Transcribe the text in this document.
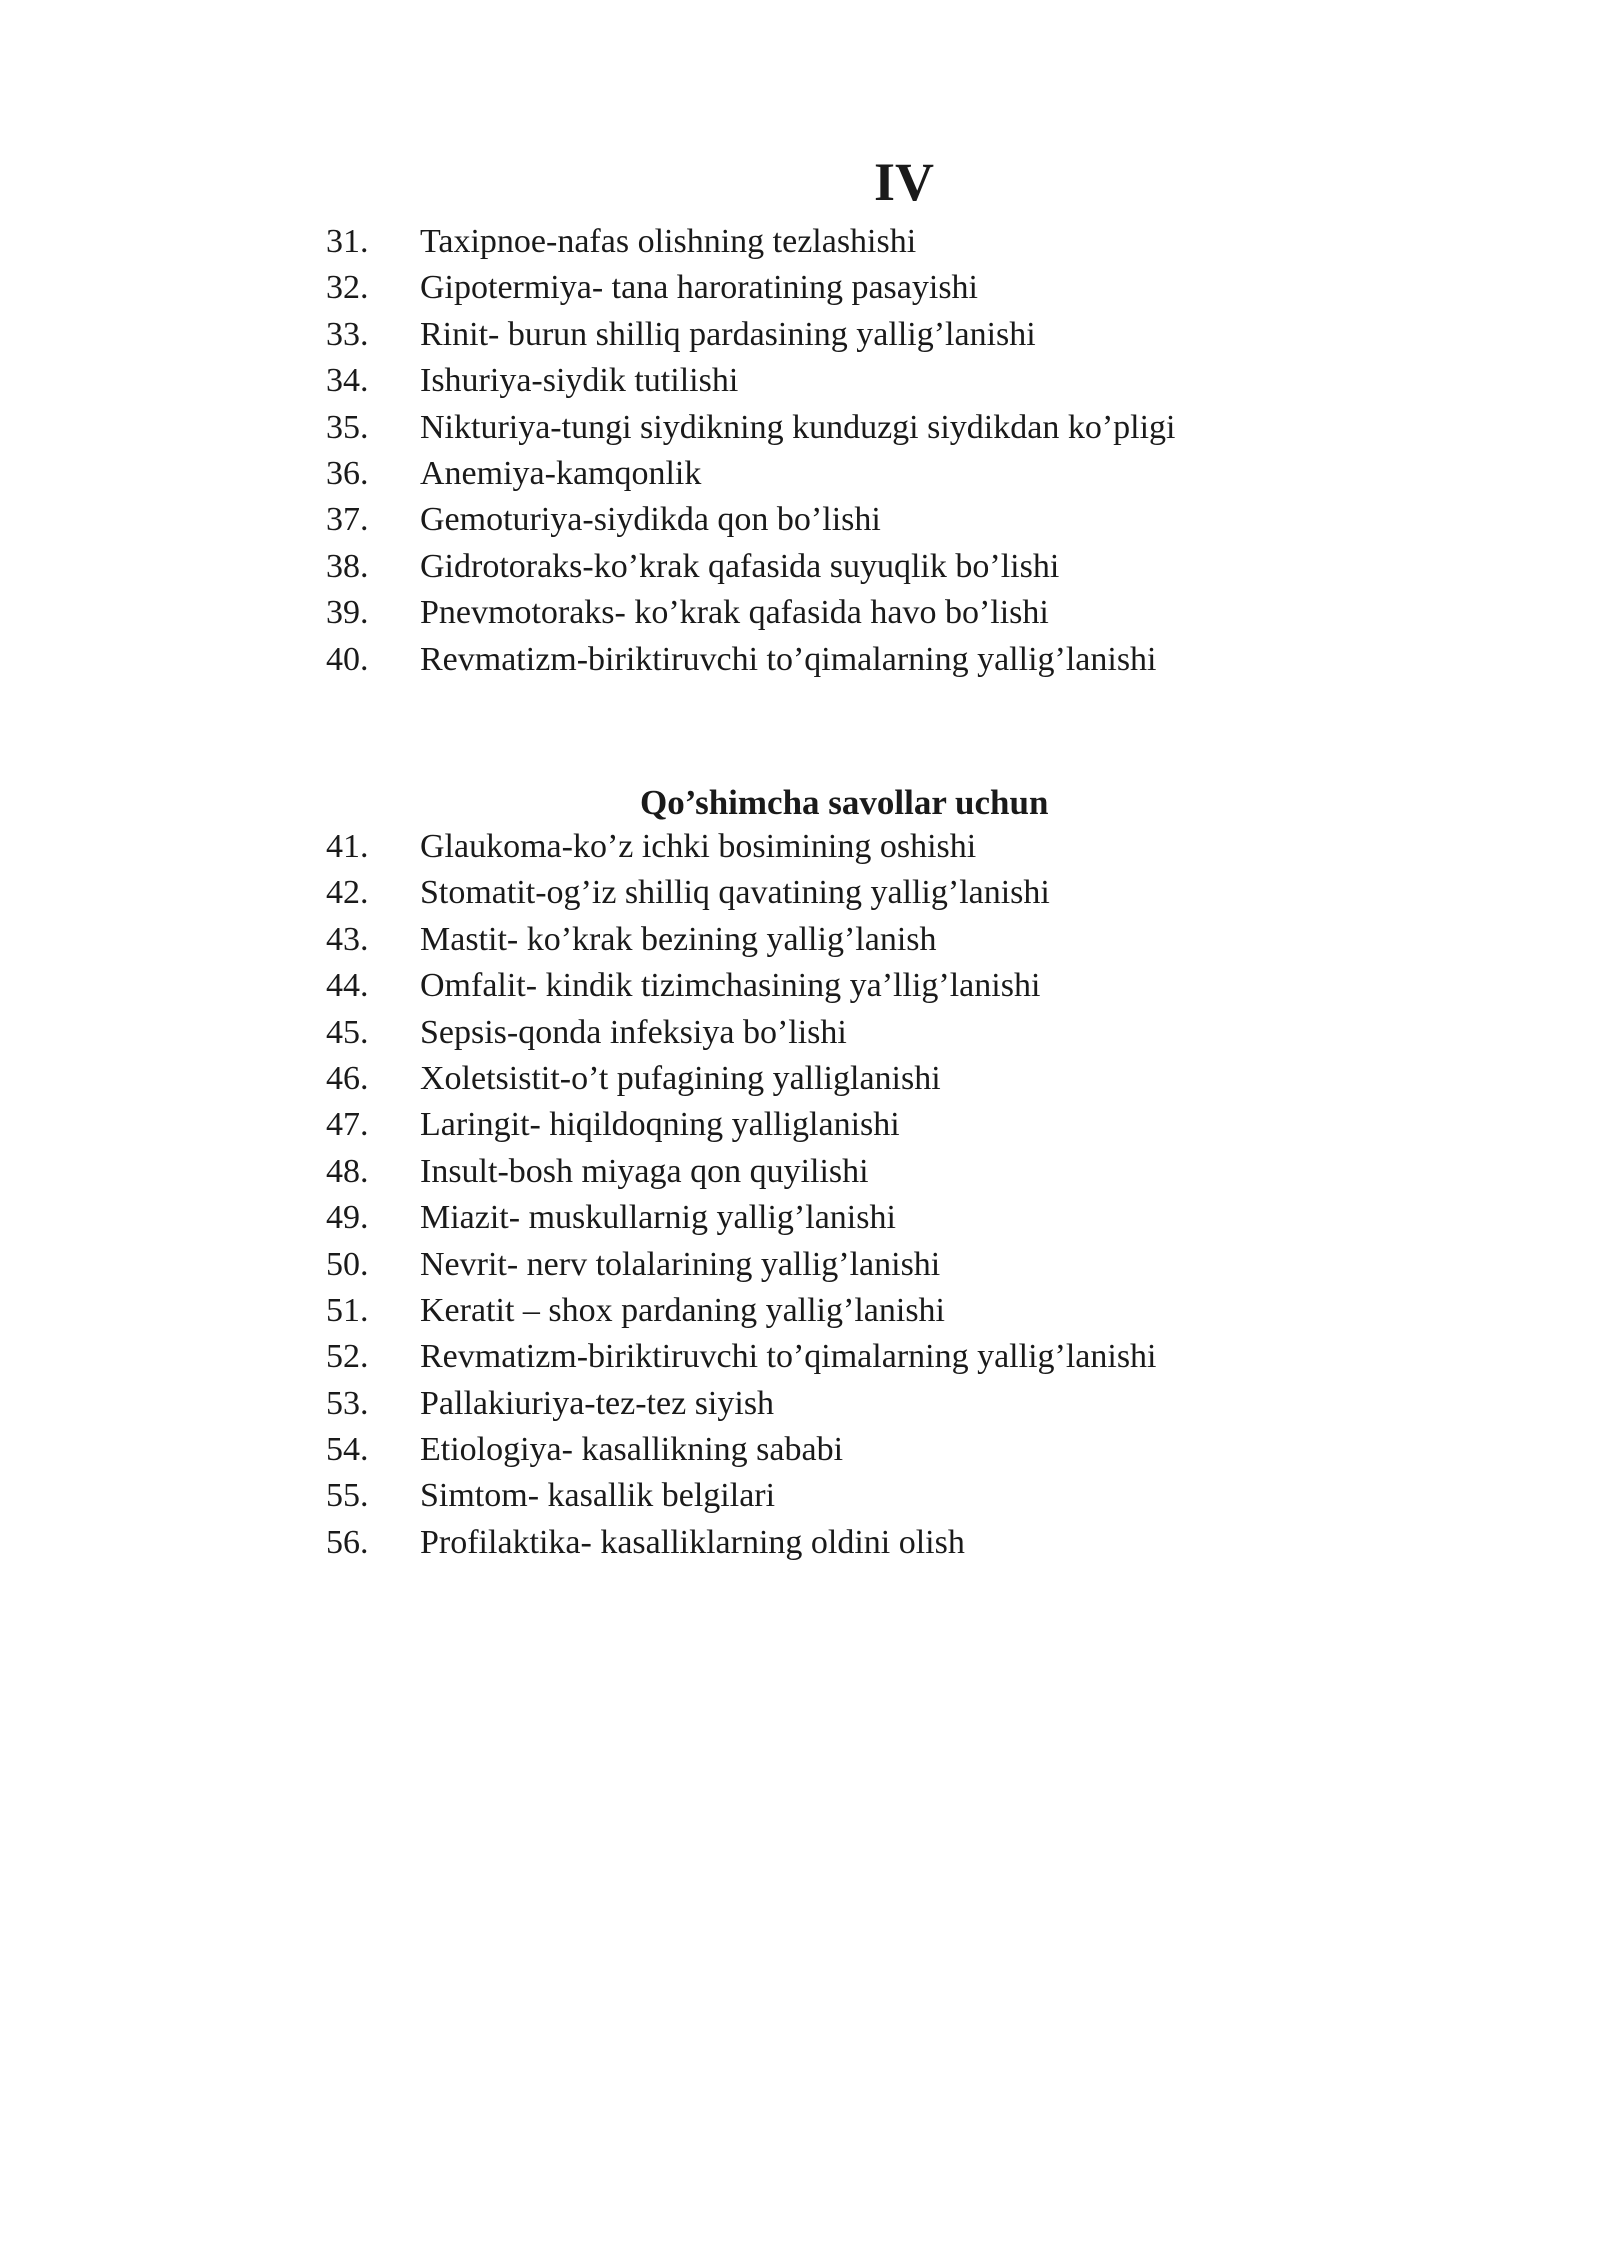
IV
31.	Taxipnoe-nafas olishning tezlashishi
32.	Gipotermiya- tana haroratining pasayishi
33.	Rinit- burun shilliq pardasining yallig’lanishi
34.	Ishuriya-siydik tutilishi
35.	Nikturiya-tungi siydikning kunduzgi siydikdan ko’pligi
36.	Anemiya-kamqonlik
37.	Gemoturiya-siydikda qon bo’lishi
38.	Gidrotoraks-ko’krak qafasida suyuqlik bo’lishi
39.	Pnevmotoraks- ko’krak qafasida havo bo’lishi
40.	Revmatizm-biriktiruvchi to’qimalarning yallig’lanishi
Qo’shimcha savollar uchun
41.	Glaukoma-ko’z ichki bosimining oshishi
42.	Stomatit-og’iz shilliq qavatining yallig’lanishi
43.	Mastit- ko’krak bezining yallig’lanish
44.	Omfalit- kindik tizimchasining ya’llig’lanishi
45.	Sepsis-qonda infeksiya bo’lishi
46.	Xoletsistit-o’t pufagining yalliglanishi
47.	Laringit- hiqildoqning yalliglanishi
48.	Insult-bosh miyaga qon quyilishi
49.	Miazit- muskullarnig yallig’lanishi
50.	Nevrit- nerv tolalarining yallig’lanishi
51.	Keratit – shox pardaning yallig’lanishi
52.	Revmatizm-biriktiruvchi to’qimalarning yallig’lanishi
53.	Pallakiuriya-tez-tez siyish
54.	Etiologiya- kasallikning sababi
55.	Simtom- kasallik belgilari
56.	Profilaktika- kasalliklarning oldini olish
